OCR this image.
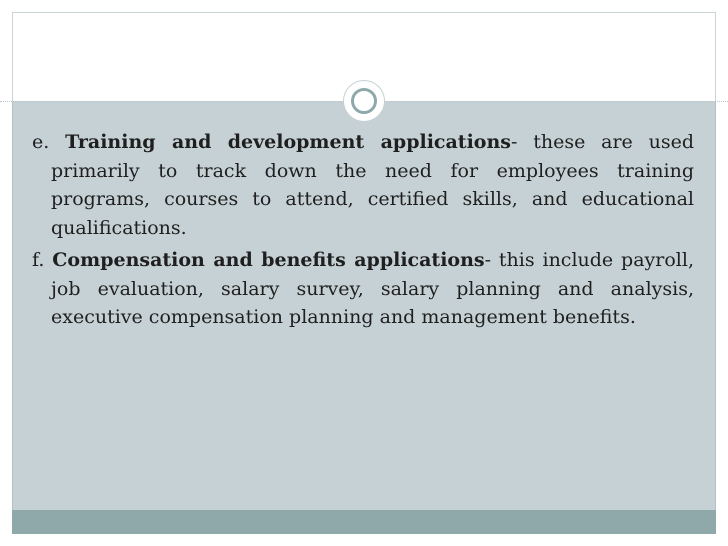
e. Training and development applications- these are used primarily to track down the need for employees training programs, courses to attend, certified skills, and educational qualifications.

f. Compensation and benefits applications- this include payroll, job evaluation, salary survey, salary planning and analysis, executive compensation planning and management benefits.
